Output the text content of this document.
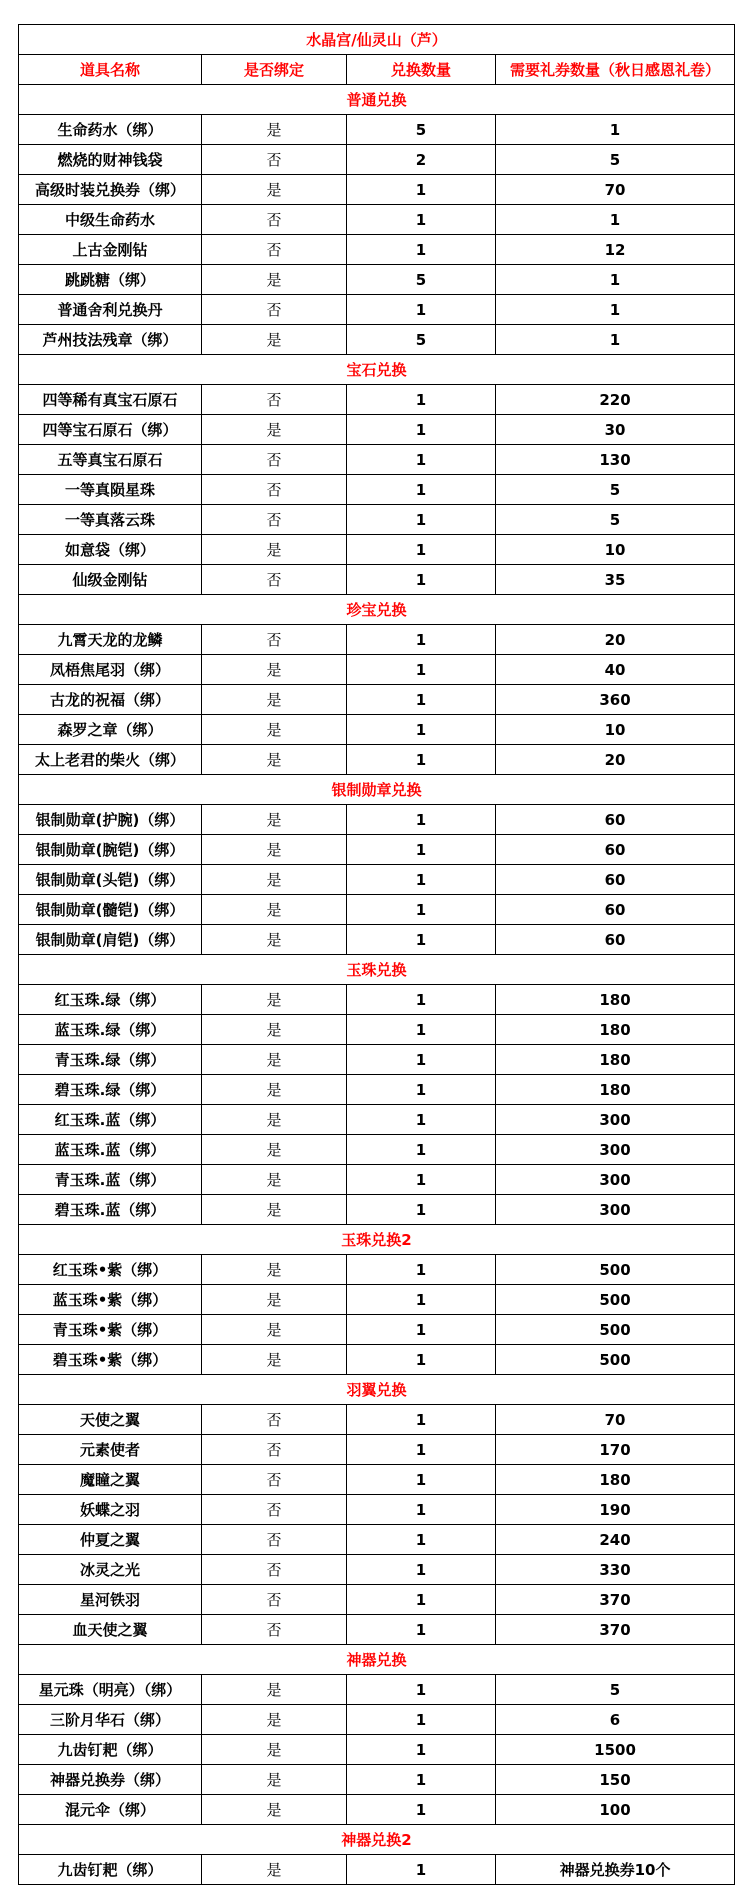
水晶宫/仙灵山（芦）			
道具名称	是否绑定	兑换数量	需要礼券数量（秋日感恩礼卷）
普通兑换			
生命药水（绑）	是	5	1
燃烧的财神钱袋	否	2	5
高级时装兑换券（绑）	是	1	70
中级生命药水	否	1	1
上古金刚钻	否	1	12
跳跳糖（绑）	是	5	1
普通舍利兑换丹	否	1	1
芦州技法残章（绑）	是	5	1
宝石兑换			
四等稀有真宝石原石	否	1	220
四等宝石原石（绑）	是	1	30
五等真宝石原石	否	1	130
一等真陨星珠	否	1	5
一等真落云珠	否	1	5
如意袋（绑）	是	1	10
仙级金刚钻	否	1	35
珍宝兑换			
九霄天龙的龙鳞	否	1	20
凤梧焦尾羽（绑）	是	1	40
古龙的祝福（绑）	是	1	360
森罗之章（绑）	是	1	10
太上老君的柴火（绑）	是	1	20
银制勋章兑换			
银制勋章(护腕)（绑）	是	1	60
银制勋章(腕铠)（绑）	是	1	60
银制勋章(头铠)（绑）	是	1	60
银制勋章(髓铠)（绑）	是	1	60
银制勋章(肩铠)（绑）	是	1	60
玉珠兑换			
红玉珠.绿（绑）	是	1	180
蓝玉珠.绿（绑）	是	1	180
青玉珠.绿（绑）	是	1	180
碧玉珠.绿（绑）	是	1	180
红玉珠.蓝（绑）	是	1	300
蓝玉珠.蓝（绑）	是	1	300
青玉珠.蓝（绑）	是	1	300
碧玉珠.蓝（绑）	是	1	300
玉珠兑换2			
红玉珠•紫（绑）	是	1	500
蓝玉珠•紫（绑）	是	1	500
青玉珠•紫（绑）	是	1	500
碧玉珠•紫（绑）	是	1	500
羽翼兑换			
天使之翼	否	1	70
元素使者	否	1	170
魔瞳之翼	否	1	180
妖蝶之羽	否	1	190
仲夏之翼	否	1	240
冰灵之光	否	1	330
星河铁羽	否	1	370
血天使之翼	否	1	370
神器兑换			
星元珠（明亮）（绑）	是	1	5
三阶月华石（绑）	是	1	6
九齿钉耙（绑）	是	1	1500
神器兑换券（绑）	是	1	150
混元伞（绑）	是	1	100
神器兑换2			
九齿钉耙（绑）	是	1	神器兑换券10个
